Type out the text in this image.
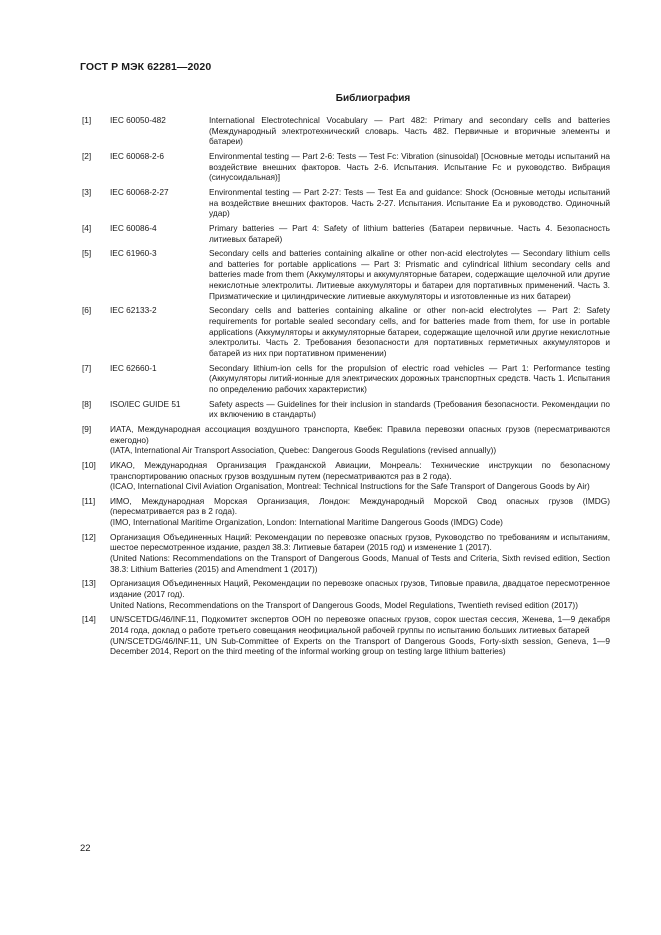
ГОСТ Р МЭК 62281—2020
Библиография
[1]	IEC 60050-482	International Electrotechnical Vocabulary — Part 482: Primary and secondary cells and batteries (Международный электротехнический словарь. Часть 482. Первичные и вторичные элементы и батареи)
[2]	IEC 60068-2-6	Environmental testing — Part 2-6: Tests — Test Fc: Vibration (sinusoidal) [Основные методы испытаний на воздействие внешних факторов. Часть 2-6. Испытания. Испытание Fc и руководство. Вибрация (синусоидальная)]
[3]	IEC 60068-2-27	Environmental testing — Part 2-27: Tests — Test Ea and guidance: Shock (Основные методы испытаний на воздействие внешних факторов. Часть 2-27. Испытания. Испытание Ea и руководство. Одиночный удар)
[4]	IEC 60086-4	Primary batteries — Part 4: Safety of lithium batteries (Батареи первичные. Часть 4. Безопасность литиевых батарей)
[5]	IEC 61960-3	Secondary cells and batteries containing alkaline or other non-acid electrolytes — Secondary lithium cells and batteries for portable applications — Part 3: Prismatic and cylindrical lithium secondary cells and batteries made from them (Аккумуляторы и аккумуляторные батареи, содержащие щелочной или другие некислотные электролиты. Литиевые аккумуляторы и батареи для портативных применений. Часть 3. Призматические и цилиндрические литиевые аккумуляторы и изготовленные из них батареи)
[6]	IEC 62133-2	Secondary cells and batteries containing alkaline or other non-acid electrolytes — Part 2: Safety requirements for portable sealed secondary cells, and for batteries made from them, for use in portable applications (Аккумуляторы и аккумуляторные батареи, содержащие щелочной или другие некислотные электролиты. Часть 2. Требования безопасности для портативных герметичных аккумуляторов и батарей из них при портативном применении)
[7]	IEC 62660-1	Secondary lithium-ion cells for the propulsion of electric road vehicles — Part 1: Performance testing (Аккумуляторы литий-ионные для электрических дорожных транспортных средств. Часть 1. Испытания по определению рабочих характеристик)
[8]	ISO/IEC GUIDE 51	Safety aspects — Guidelines for their inclusion in standards (Требования безопасности. Рекомендации по их включению в стандарты)
[9]	ИАТА, Международная ассоциация воздушного транспорта, Квебек: Правила перевозки опасных грузов (пересматриваются ежегодно)
(IATA, International Air Transport Association, Quebec: Dangerous Goods Regulations (revised annually))
[10]	ИКАО, Международная Организация Гражданской Авиации, Монреаль: Технические инструкции по безопасному транспортированию опасных грузов воздушным путем (пересматриваются раз в 2 года).
(ICAO, International Civil Aviation Organisation, Montreal: Technical Instructions for the Safe Transport of Dangerous Goods by Air)
[11]	ИМО, Международная Морская Организация, Лондон: Международный Морской Свод опасных грузов (IMDG) (пересматривается раз в 2 года).
(IMO, International Maritime Organization, London: International Maritime Dangerous Goods (IMDG) Code)
[12]	Организация Объединенных Наций: Рекомендации по перевозке опасных грузов, Руководство по требованиям и испытаниям, шестое пересмотренное издание, раздел 38.3: Литиевые батареи (2015 год) и изменение 1 (2017).
(United Nations: Recommendations on the Transport of Dangerous Goods, Manual of Tests and Criteria, Sixth revised edition, Section 38.3: Lithium Batteries (2015) and Amendment 1 (2017))
[13]	Организация Объединенных Наций, Рекомендации по перевозке опасных грузов, Типовые правила, двадцатое пересмотренное издание (2017 год).
United Nations, Recommendations on the Transport of Dangerous Goods, Model Regulations, Twentieth revised edition (2017))
[14]	UN/SCETDG/46/INF.11, Подкомитет экспертов ООН по перевозке опасных грузов, сорок шестая сессия, Женева, 1—9 декабря 2014 года, доклад о работе третьего совещания неофициальной рабочей группы по испытанию больших литиевых батарей
(UN/SCETDG/46/INF.11, UN Sub-Committee of Experts on the Transport of Dangerous Goods, Forty-sixth session, Geneva, 1—9 December 2014, Report on the third meeting of the informal working group on testing large lithium batteries)
22
